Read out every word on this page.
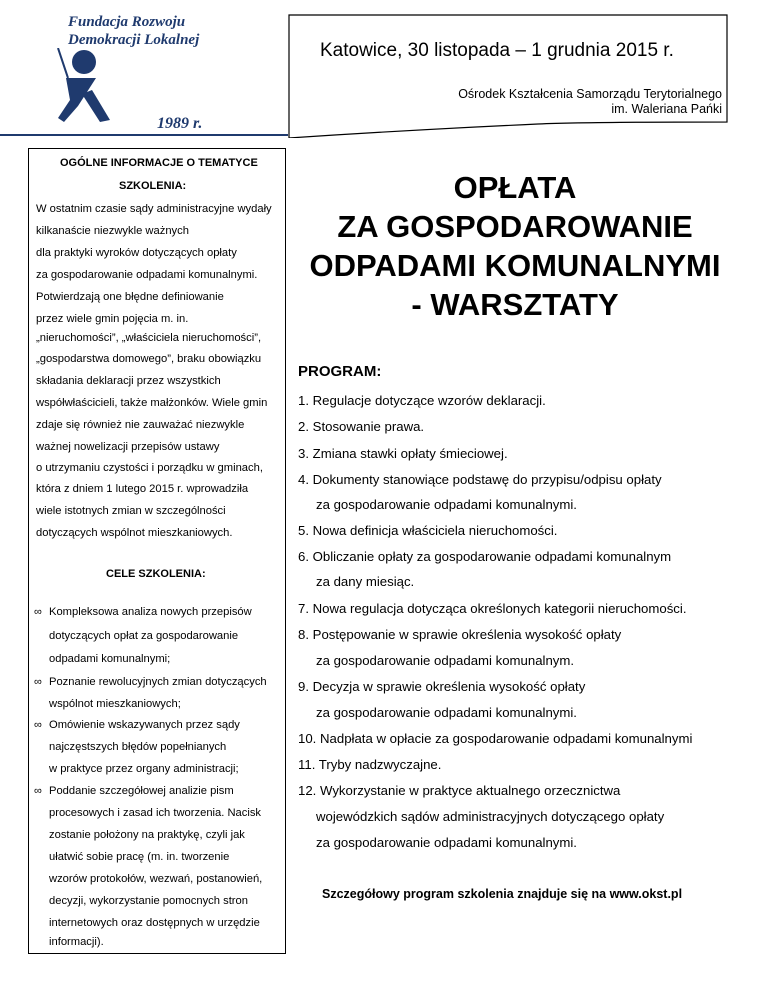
Fundacja Rozwoju
Demokracji Lokalnej
1989 r.
Katowice, 30 listopada – 1 grudnia 2015 r.
Ośrodek Kształcenia Samorządu Terytorialnego
im. Waleriana Pańki
OGÓLNE INFORMACJE O TEMATYCE
SZKOLENIA:
W ostatnim czasie sądy administracyjne wydały
kilkanaście niezwykle ważnych
dla praktyki wyroków dotyczących opłaty
za gospodarowanie odpadami komunalnymi.
Potwierdzają one błędne definiowanie
przez wiele gmin pojęcia m. in.
„nieruchomości”, „właściciela nieruchomości”,
„gospodarstwa domowego”, braku obowiązku
składania deklaracji przez wszystkich
współwłaścicieli, także małżonków. Wiele gmin
zdaje się również nie zauważać niezwykle
ważnej nowelizacji przepisów ustawy
o utrzymaniu czystości i porządku w gminach,
która z dniem 1 lutego 2015 r. wprowadziła
wiele istotnych zmian w szczególności
dotyczących wspólnot mieszkaniowych.
CELE SZKOLENIA:
∞ Kompleksowa analiza nowych przepisów
dotyczących opłat za gospodarowanie
odpadami komunalnymi;
∞ Poznanie rewolucyjnych zmian dotyczących
wspólnot mieszkaniowych;
∞ Omówienie wskazywanych przez sądy
najczęstszych błędów popełnianych
w praktyce przez organy administracji;
∞ Poddanie szczegółowej analizie pism
procesowych i zasad ich tworzenia. Nacisk
zostanie położony na praktykę, czyli jak
ułatwić sobie pracę (m. in. tworzenie
wzorów protokołów, wezwań, postanowień,
decyzji, wykorzystanie pomocnych stron
internetowych oraz dostępnych w urzędzie
informacji).
OPŁATA
ZA GOSPODAROWANIE
ODPADAMI KOMUNALNYMI
- WARSZTATY
PROGRAM:
1. Regulacje dotyczące wzorów deklaracji.
2. Stosowanie prawa.
3. Zmiana stawki opłaty śmieciowej.
4. Dokumenty stanowiące podstawę do przypisu/odpisu opłaty
za gospodarowanie odpadami komunalnymi.
5. Nowa definicja właściciela nieruchomości.
6. Obliczanie opłaty za gospodarowanie odpadami komunalnym
za dany miesiąc.
7. Nowa regulacja dotycząca określonych kategorii nieruchomości.
8. Postępowanie w sprawie określenia wysokość opłaty
za gospodarowanie odpadami komunalnym.
9. Decyzja w sprawie określenia wysokość opłaty
za gospodarowanie odpadami komunalnymi.
10. Nadpłata w opłacie za gospodarowanie odpadami komunalnymi
11. Tryby nadzwyczajne.
12. Wykorzystanie w praktyce aktualnego orzecznictwa
wojewódzkich sądów administracyjnych dotyczącego opłaty
za gospodarowanie odpadami komunalnymi.
Szczegółowy program szkolenia znajduje się na www.okst.pl
